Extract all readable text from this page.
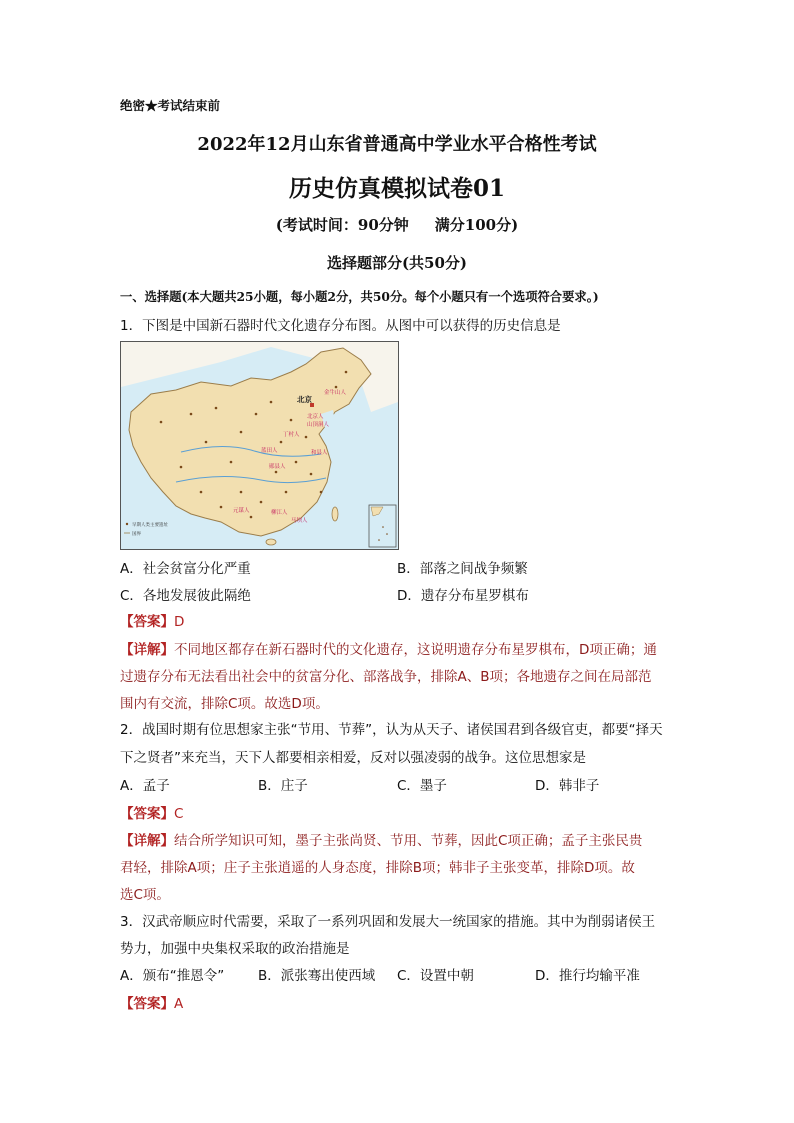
绝密★考试结束前
2022年12月山东省普通高中学业水平合格性考试
历史仿真模拟试卷01
(考试时间：90分钟 满分100分)
选择题部分(共50分)
一、选择题(本大题共25小题，每小题2分，共50分。每个小题只有一个选项符合要求。)
1．下图是中国新石器时代文化遗存分布图。从图中可以获得的历史信息是
北京
金牛山人
北京人
山顶洞人
丁村人
蓝田人
郧县人
和县人
元谋人	柳江人
马坝人
早期人类主要遗址
国界
A．社会贫富分化严重	B．部落之间战争频繁
C．各地发展彼此隔绝	D．遗存分布星罗棋布
【答案】D
【详解】不同地区都存在新石器时代的文化遗存，这说明遗存分布星罗棋布，D项正确；通
过遗存分布无法看出社会中的贫富分化、部落战争，排除A、B项；各地遗存之间在局部范
围内有交流，排除C项。故选D项。
2．战国时期有位思想家主张“节用、节葬”，认为从天子、诸侯国君到各级官吏，都要“择天
下之贤者”来充当，天下人都要相亲相爱，反对以强凌弱的战争。这位思想家是
A．孟子	B．庄子	C．墨子	D．韩非子
【答案】C
【详解】结合所学知识可知，墨子主张尚贤、节用、节葬，因此C项正确；孟子主张民贵
君轻，排除A项；庄子主张逍遥的人身态度，排除B项；韩非子主张变革，排除D项。故
选C项。
3．汉武帝顺应时代需要，采取了一系列巩固和发展大一统国家的措施。其中为削弱诸侯王
势力，加强中央集权采取的政治措施是
A．颁布“推恩令”	B．派张骞出使西域 C．设置中朝	D．推行均输平准
【答案】A
